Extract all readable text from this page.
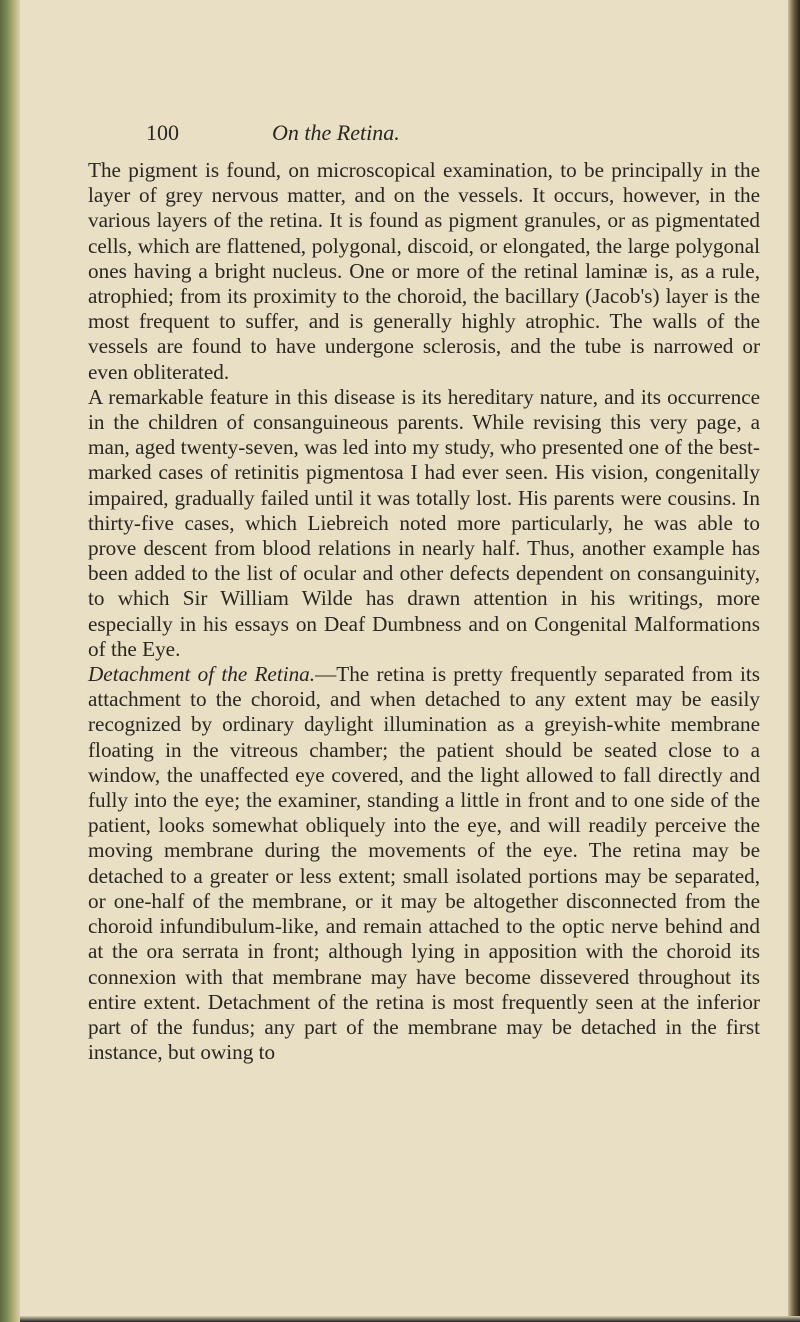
100	On the Retina.

The pigment is found, on microscopical examination, to be principally in the layer of grey nervous matter, and on the vessels. It occurs, however, in the various layers of the retina. It is found as pigment granules, or as pigmentated cells, which are flattened, polygonal, discoid, or elongated, the large polygonal ones having a bright nucleus. One or more of the retinal laminæ is, as a rule, atrophied; from its proximity to the choroid, the bacillary (Jacob's) layer is the most frequent to suffer, and is generally highly atrophic. The walls of the vessels are found to have undergone sclerosis, and the tube is narrowed or even obliterated.

A remarkable feature in this disease is its hereditary nature, and its occurrence in the children of consanguineous parents. While revising this very page, a man, aged twenty-seven, was led into my study, who presented one of the best-marked cases of retinitis pigmentosa I had ever seen. His vision, congenitally impaired, gradually failed until it was totally lost. His parents were cousins. In thirty-five cases, which Liebreich noted more particularly, he was able to prove descent from blood relations in nearly half. Thus, another example has been added to the list of ocular and other defects dependent on consanguinity, to which Sir William Wilde has drawn attention in his writings, more especially in his essays on Deaf Dumbness and on Congenital Malformations of the Eye.

Detachment of the Retina.—The retina is pretty frequently separated from its attachment to the choroid, and when detached to any extent may be easily recognized by ordinary daylight illumination as a greyish-white membrane floating in the vitreous chamber; the patient should be seated close to a window, the unaffected eye covered, and the light allowed to fall directly and fully into the eye; the examiner, standing a little in front and to one side of the patient, looks somewhat obliquely into the eye, and will readily perceive the moving membrane during the movements of the eye. The retina may be detached to a greater or less extent; small isolated portions may be separated, or one-half of the membrane, or it may be altogether disconnected from the choroid infundibulum-like, and remain attached to the optic nerve behind and at the ora serrata in front; although lying in apposition with the choroid its connexion with that membrane may have become dissevered throughout its entire extent. Detachment of the retina is most frequently seen at the inferior part of the fundus; any part of the membrane may be detached in the first instance, but owing to
